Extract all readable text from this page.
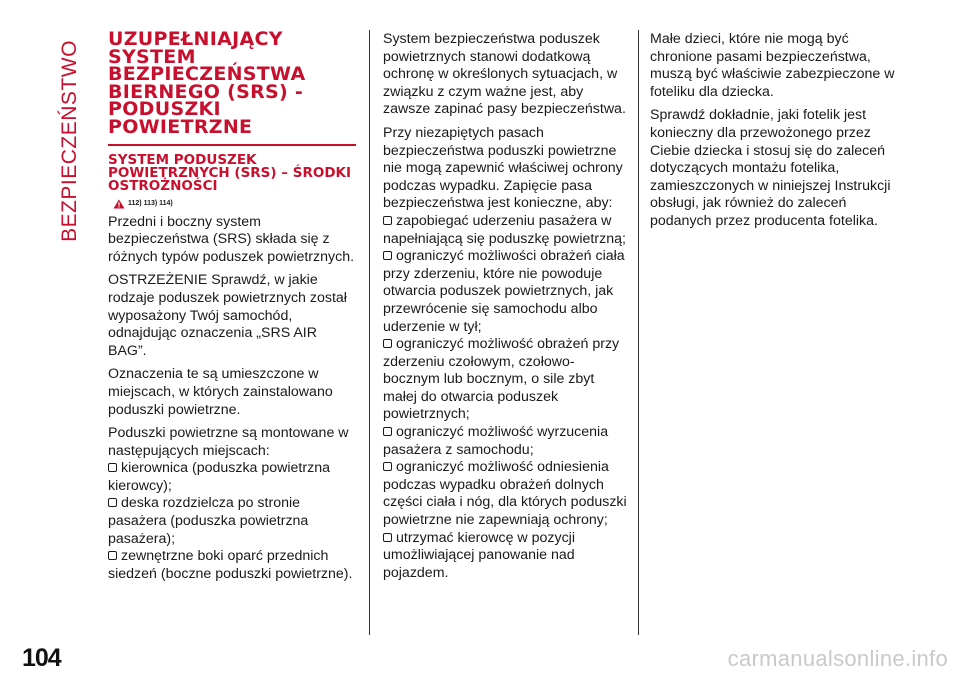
BEZPIECZEŃSTWO
UZUPEŁNIAJĄCY SYSTEM BEZPIECZEŃSTWA BIERNEGO (SRS) - PODUSZKI POWIETRZNE
SYSTEM PODUSZEK POWIETRZNYCH (SRS) – ŚRODKI OSTROŻNOŚCI
112) 113) 114)

Przedni i boczny system bezpieczeństwa (SRS) składa się z różnych typów poduszek powietrznych.

OSTRZEŻENIE Sprawdź, w jakie rodzaje poduszek powietrznych został wyposażony Twój samochód, odnajdując oznaczenia „SRS AIR BAG”.

Oznaczenia te są umieszczone w miejscach, w których zainstalowano poduszki powietrzne.

Poduszki powietrzne są montowane w następujących miejscach:

kierownica (poduszka powietrzna kierowcy);
deska rozdzielcza po stronie pasażera (poduszka powietrzna pasażera);
zewnętrzne boki oparć przednich siedzeń (boczne poduszki powietrzne).

System bezpieczeństwa poduszek powietrznych stanowi dodatkową ochronę w określonych sytuacjach, w związku z czym ważne jest, aby zawsze zapinać pasy bezpieczeństwa.

Przy niezapiętych pasach bezpieczeństwa poduszki powietrzne nie mogą zapewnić właściwej ochrony podczas wypadku. Zapięcie pasa bezpieczeństwa jest konieczne, aby:

zapobiegać uderzeniu pasażera w napełniającą się poduszkę powietrzną;
ograniczyć możliwości obrażeń ciała przy zderzeniu, które nie powoduje otwarcia poduszek powietrznych, jak przewrócenie się samochodu albo uderzenie w tył;
ograniczyć możliwość obrażeń przy zderzeniu czołowym, czołowo-bocznym lub bocznym, o sile zbyt małej do otwarcia poduszek powietrznych;
ograniczyć możliwość wyrzucenia pasażera z samochodu;
ograniczyć możliwość odniesienia podczas wypadku obrażeń dolnych części ciała i nóg, dla których poduszki powietrzne nie zapewniają ochrony;
utrzymać kierowcę w pozycji umożliwiającej panowanie nad pojazdem.

Małe dzieci, które nie mogą być chronione pasami bezpieczeństwa, muszą być właściwie zabezpieczone w foteliku dla dziecka.

Sprawdź dokładnie, jaki fotelik jest konieczny dla przewożonego przez Ciebie dziecka i stosuj się do zaleceń dotyczących montażu fotelika, zamieszczonych w niniejszej Instrukcji obsługi, jak również do zaleceń podanych przez producenta fotelika.

104	carmanualsonline.info
